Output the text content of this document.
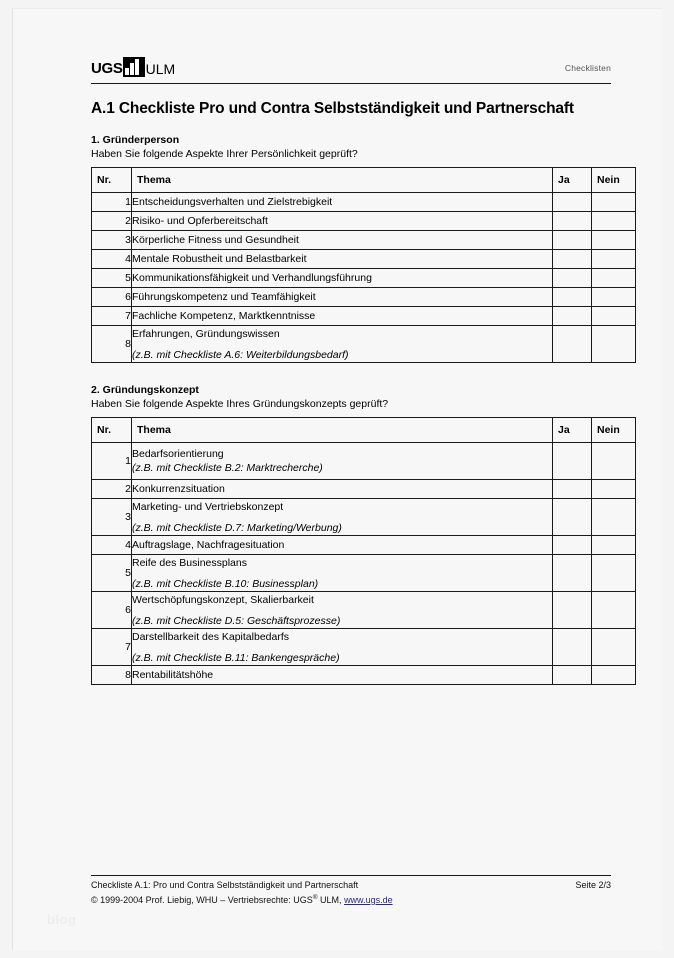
UGS ULM	Checklisten
A.1 Checkliste Pro und Contra Selbstständigkeit und Partnerschaft
1. Gründerperson
Haben Sie folgende Aspekte Ihrer Persönlichkeit geprüft?
Nr.	Thema	Ja	Nein
1	Entscheidungsverhalten und Zielstrebigkeit		
2	Risiko- und Opferbereitschaft		
3	Körperliche Fitness und Gesundheit		
4	Mentale Robustheit und Belastbarkeit		
5	Kommunikationsfähigkeit und Verhandlungsführung		
6	Führungskompetenz und Teamfähigkeit		
7	Fachliche Kompetenz, Marktkenntnisse		
8	Erfahrungen, Gründungswissen
(z.B. mit Checkliste A.6: Weiterbildungsbedarf)		

2. Gründungskonzept
Haben Sie folgende Aspekte Ihres Gründungskonzepts geprüft?
Nr.	Thema	Ja	Nein
1	Bedarfsorientierung
(z.B. mit Checkliste B.2: Marktrecherche)		

2	Konkurrenzsituation		
3	Marketing- und Vertriebskonzept
(z.B. mit Checkliste D.7: Marketing/Werbung)		

4	Auftragslage, Nachfragesituation		
5	Reife des Businessplans
(z.B. mit Checkliste B.10: Businessplan)		

6	Wertschöpfungskonzept, Skalierbarkeit
(z.B. mit Checkliste D.5: Geschäftsprozesse)		

7	Darstellbarkeit des Kapitalbedarfs
(z.B. mit Checkliste B.11: Bankengespräche)		

8	Rentabilitätshöhe		
Checkliste A.1: Pro und Contra Selbstständigkeit und Partnerschaft
© 1999-2004 Prof. Liebig, WHU – Vertriebsrechte: UGS® ULM, www.ugs.de
Seite 2/3
blog
